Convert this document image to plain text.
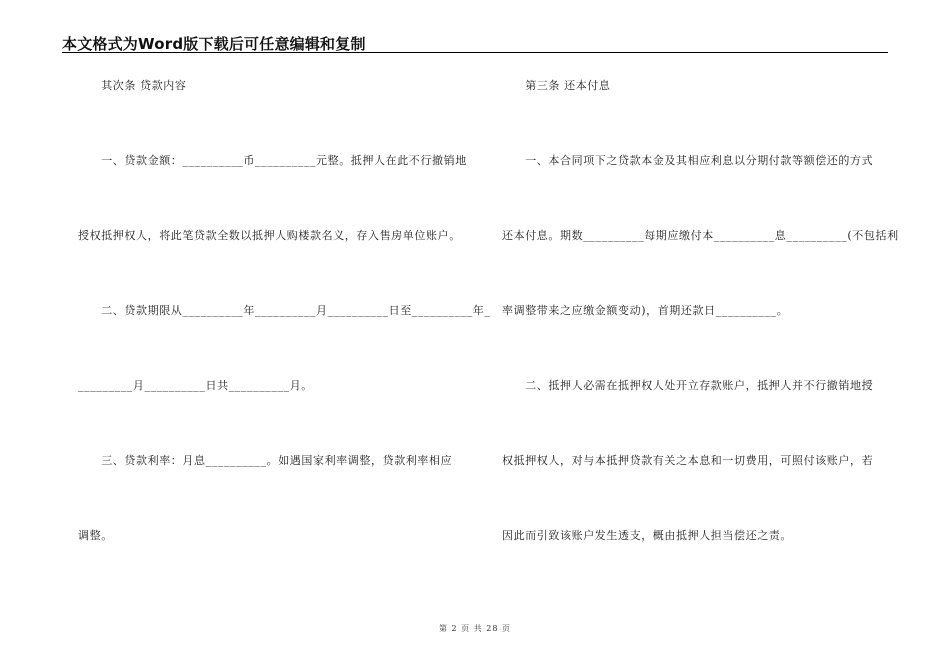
本文格式为Word版下载后可任意编辑和复制
　　其次条 贷款内容
　　一、贷款金额：__________币__________元整。抵押人在此不行撤销地
授权抵押权人，将此笔贷款全数以抵押人购楼款名义，存入售房单位账户。
　　二、贷款期限从__________年__________月__________日至__________年_
_________月__________日共__________月。
　　三、贷款利率：月息__________。如遇国家利率调整，贷款利率相应
调整。
　　第三条 还本付息
　　一、本合同项下之贷款本金及其相应利息以分期付款等额偿还的方式
还本付息。期数__________每期应缴付本__________息__________(不包括利
率调整带来之应缴金额变动)，首期还款日__________。
　　二、抵押人必需在抵押权人处开立存款账户，抵押人并不行撤销地授
权抵押权人，对与本抵押贷款有关之本息和一切费用，可照付该账户，若
因此而引致该账户发生透支，概由抵押人担当偿还之责。
第 2 页 共 28 页
